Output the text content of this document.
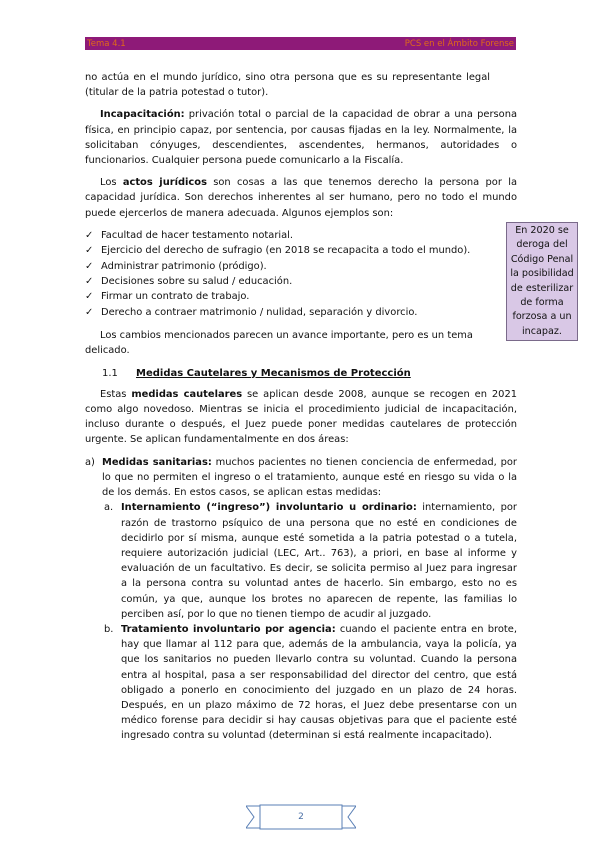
Tema 4.1	PCS en el Ámbito Forense
En 2020 se deroga del Código Penal la posibilidad de esterilizar de forma forzosa a un incapaz.

no actúa en el mundo jurídico, sino otra persona que es su representante legal (titular de la patria potestad o tutor).

Incapacitación: privación total o parcial de la capacidad de obrar a una persona física, en principio capaz, por sentencia, por causas fijadas en la ley. Normalmente, la solicitaban cónyuges, descendientes, ascendentes, hermanos, autoridades o funcionarios. Cualquier persona puede comunicarlo a la Fiscalía.

Los actos jurídicos son cosas a las que tenemos derecho la persona por la capacidad jurídica. Son derechos inherentes al ser humano, pero no todo el mundo puede ejercerlos de manera adecuada. Algunos ejemplos son:

✓ Facultad de hacer testamento notarial.
✓ Ejercicio del derecho de sufragio (en 2018 se recapacita a todo el mundo).
✓ Administrar patrimonio (pródigo).
✓ Decisiones sobre su salud / educación.
✓ Firmar un contrato de trabajo.
✓ Derecho a contraer matrimonio / nulidad, separación y divorcio.

Los cambios mencionados parecen un avance importante, pero es un tema delicado.

1.1 Medidas Cautelares y Mecanismos de Protección

Estas medidas cautelares se aplican desde 2008, aunque se recogen en 2021 como algo novedoso. Mientras se inicia el procedimiento judicial de incapacitación, incluso durante o después, el Juez puede poner medidas cautelares de protección urgente. Se aplican fundamentalmente en dos áreas:

a) Medidas sanitarias: muchos pacientes no tienen conciencia de enfermedad, por lo que no permiten el ingreso o el tratamiento, aunque esté en riesgo su vida o la de los demás. En estos casos, se aplican estas medidas:
a. Internamiento (“ingreso”) involuntario u ordinario: internamiento, por razón de trastorno psíquico de una persona que no esté en condiciones de decidirlo por sí misma, aunque esté sometida a la patria potestad o a tutela, requiere autorización judicial (LEC, Art.. 763), a priori, en base al informe y evaluación de un facultativo. Es decir, se solicita permiso al Juez para ingresar a la persona contra su voluntad antes de hacerlo. Sin embargo, esto no es común, ya que, aunque los brotes no aparecen de repente, las familias lo perciben así, por lo que no tienen tiempo de acudir al juzgado.
b. Tratamiento involuntario por agencia: cuando el paciente entra en brote, hay que llamar al 112 para que, además de la ambulancia, vaya la policía, ya que los sanitarios no pueden llevarlo contra su voluntad. Cuando la persona entra al hospital, pasa a ser responsabilidad del director del centro, que está obligado a ponerlo en conocimiento del juzgado en un plazo de 24 horas. Después, en un plazo máximo de 72 horas, el Juez debe presentarse con un médico forense para decidir si hay causas objetivas para que el paciente esté ingresado contra su voluntad (determinan si está realmente incapacitado).
2
